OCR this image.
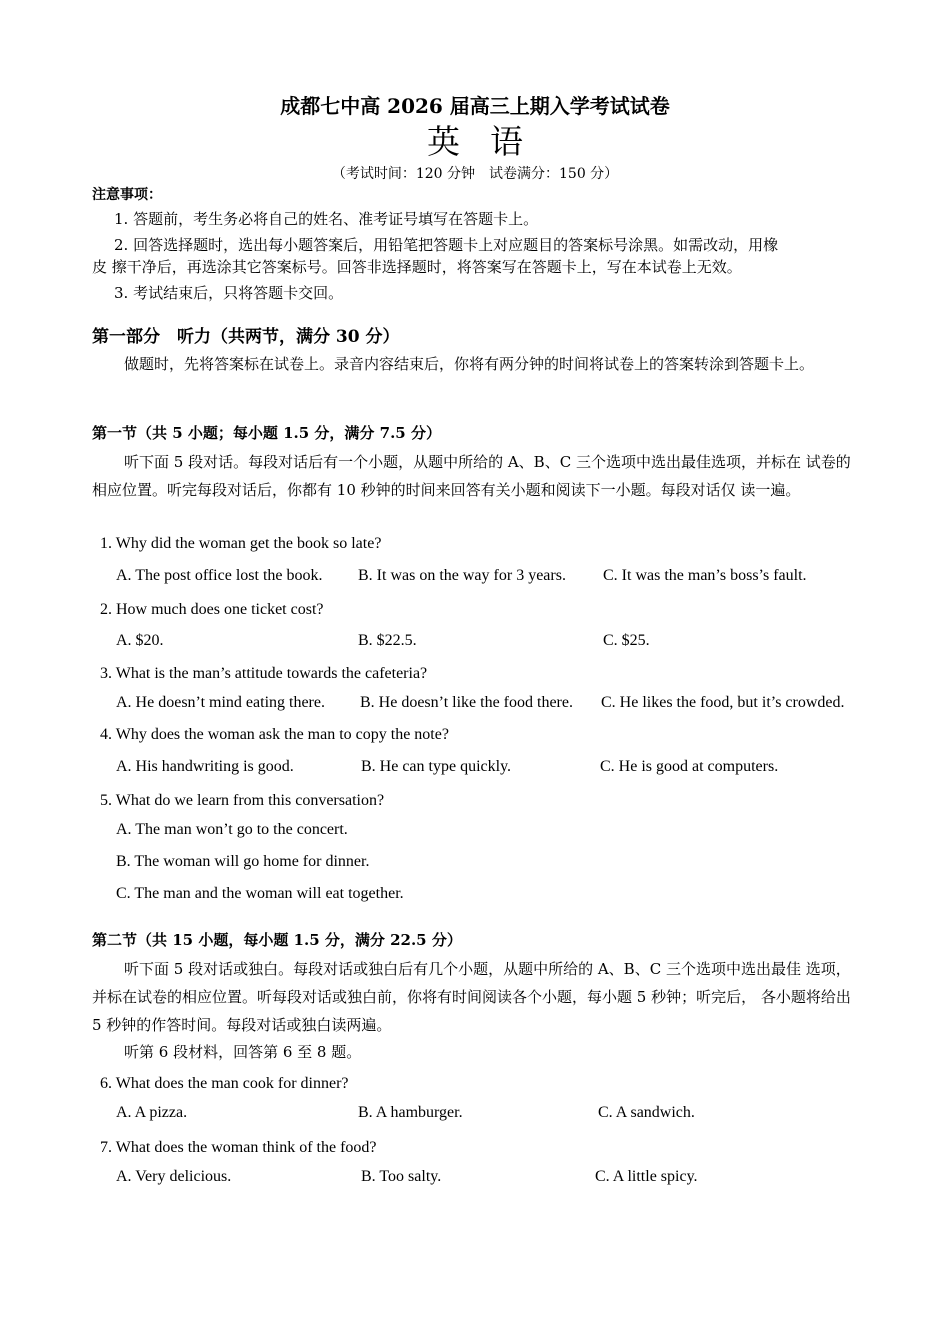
成都七中高 2026 届高三上期入学考试试卷
英语
（考试时间：120 分钟　试卷满分：150 分）
注意事项：
1. 答题前，考生务必将自己的姓名、准考证号填写在答题卡上。
2. 回答选择题时，选出每小题答案后，用铅笔把答题卡上对应题目的答案标号涂黑。如需改动，用橡
皮 擦干净后，再选涂其它答案标号。回答非选择题时，将答案写在答题卡上，写在本试卷上无效。
3. 考试结束后，只将答题卡交回。
第一部分　听力（共两节，满分 30 分）
做题时，先将答案标在试卷上。录音内容结束后，你将有两分钟的时间将试卷上的答案转涂到答题卡上。
第一节（共 5 小题；每小题 1.5 分，满分 7.5 分）
听下面 5 段对话。每段对话后有一个小题，从题中所给的 A、B、C 三个选项中选出最佳选项，并标在 试卷的相应位置。听完每段对话后，你都有 10 秒钟的时间来回答有关小题和阅读下一小题。每段对话仅 读一遍。
1. Why did the woman get the book so late?
A. The post office lost the book. B. It was on the way for 3 years. C. It was the man’s boss’s fault.
2. How much does one ticket cost?
A. $20.	B. $22.5.	C. $25.
3. What is the man’s attitude towards the cafeteria?
A. He doesn’t mind eating there. B. He doesn’t like the food there. C. He likes the food, but it’s crowded.
4. Why does the woman ask the man to copy the note?
A. His handwriting is good.	B. He can type quickly.	C. He is good at computers.
5. What do we learn from this conversation?
A. The man won’t go to the concert.
B. The woman will go home for dinner.
C. The man and the woman will eat together.
第二节（共 15 小题，每小题 1.5 分，满分 22.5 分）
听下面 5 段对话或独白。每段对话或独白后有几个小题，从题中所给的 A、B、C 三个选项中选出最佳 选项，并标在试卷的相应位置。听每段对话或独白前，你将有时间阅读各个小题，每小题 5 秒钟；听完后， 各小题将给出 5 秒钟的作答时间。每段对话或独白读两遍。
听第 6 段材料，回答第 6 至 8 题。
6. What does the man cook for dinner?
A. A pizza.	B. A hamburger.	C. A sandwich.
7. What does the woman think of the food?
A. Very delicious.	B. Too salty.	C. A little spicy.
